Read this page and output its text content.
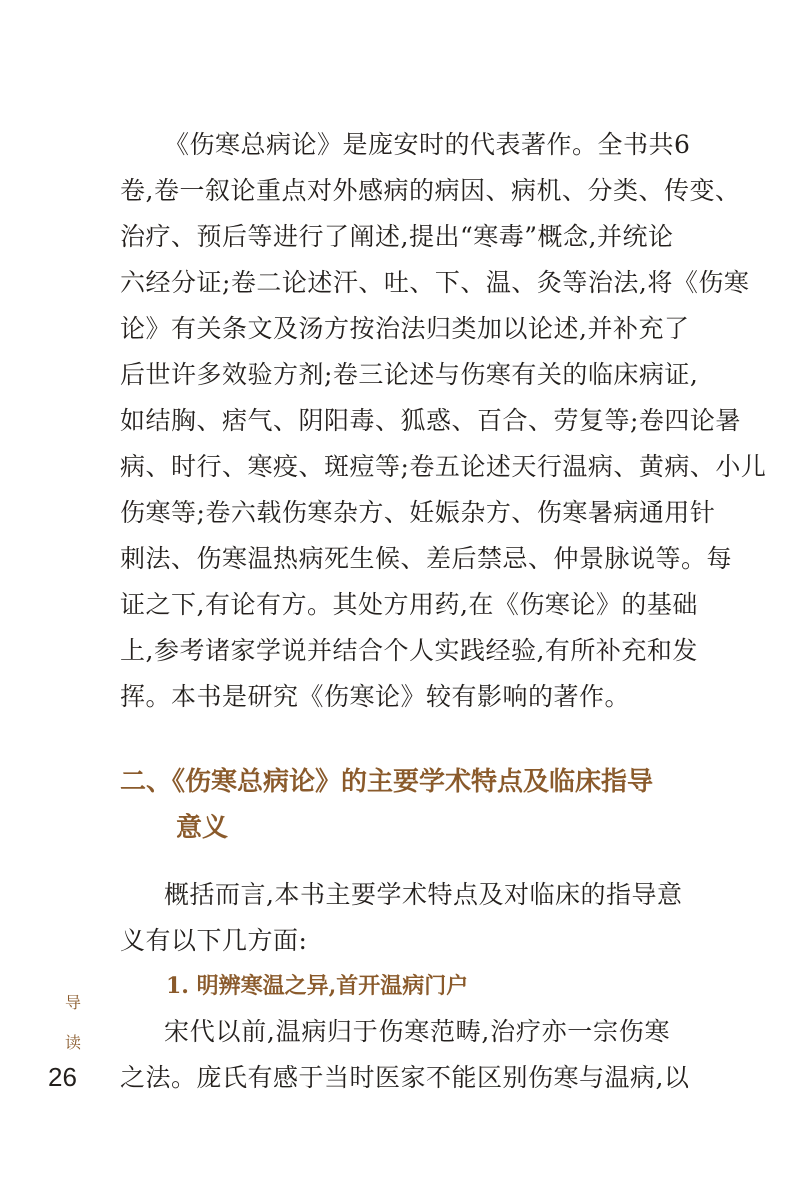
《伤寒总病论》是庞安时的代表著作。全书共6
卷,卷一叙论重点对外感病的病因、病机、分类、传变、
治疗、预后等进行了阐述,提出“寒毒”概念,并统论
六经分证;卷二论述汗、吐、下、温、灸等治法,将《伤寒
论》有关条文及汤方按治法归类加以论述,并补充了
后世许多效验方剂;卷三论述与伤寒有关的临床病证,
如结胸、痞气、阴阳毒、狐惑、百合、劳复等;卷四论暑
病、时行、寒疫、斑痘等;卷五论述天行温病、黄病、小儿
伤寒等;卷六载伤寒杂方、妊娠杂方、伤寒暑病通用针
刺法、伤寒温热病死生候、差后禁忌、仲景脉说等。每
证之下,有论有方。其处方用药,在《伤寒论》的基础
上,参考诸家学说并结合个人实践经验,有所补充和发
挥。本书是研究《伤寒论》较有影响的著作。
二、《伤寒总病论》的主要学术特点及临床指导
意义
概括而言,本书主要学术特点及对临床的指导意
义有以下几方面:
1. 明辨寒温之异,首开温病门户
宋代以前,温病归于伤寒范畴,治疗亦一宗伤寒
之法。庞氏有感于当时医家不能区别伤寒与温病,以
导
读
26
